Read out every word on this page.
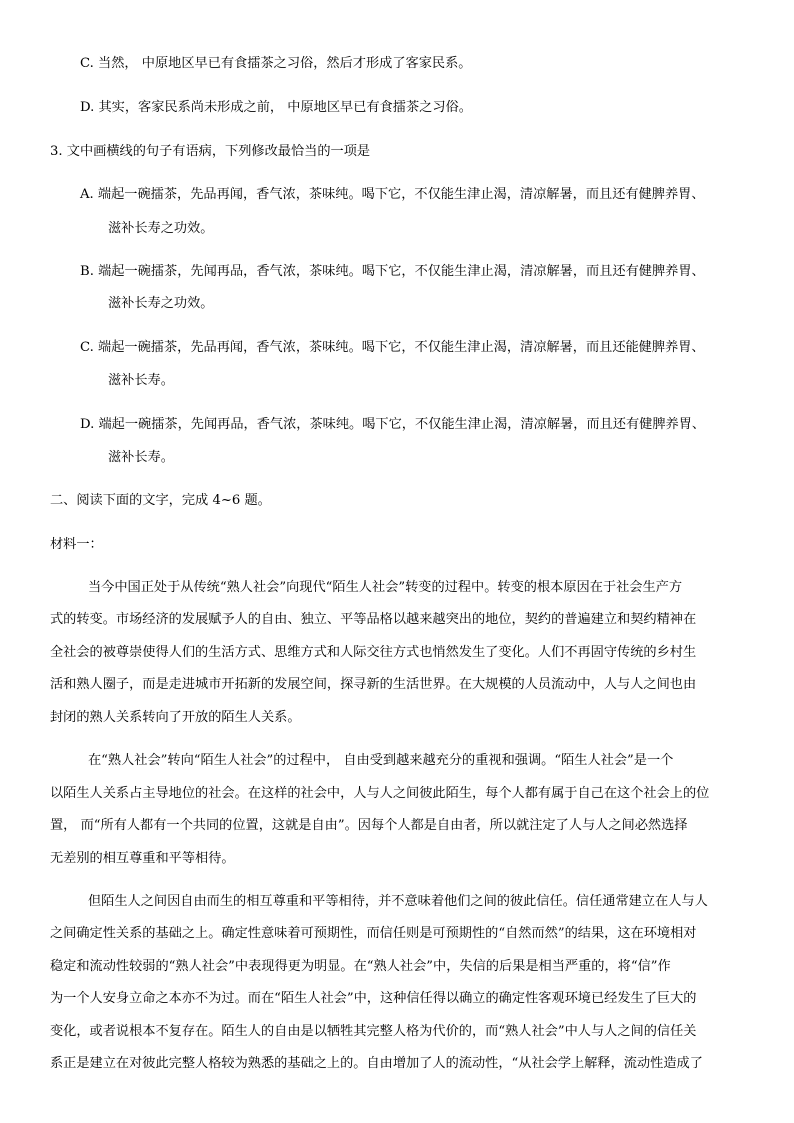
C. 当然， 中原地区早已有食擂茶之习俗，然后才形成了客家民系。
D. 其实，客家民系尚未形成之前， 中原地区早已有食擂茶之习俗。
3. 文中画横线的句子有语病，下列修改最恰当的一项是
A. 端起一碗擂茶，先品再闻，香气浓，茶味纯。喝下它，不仅能生津止渴，清凉解暑，而且还有健脾养胃、
滋补长寿之功效。
B. 端起一碗擂茶，先闻再品，香气浓，茶味纯。喝下它，不仅能生津止渴，清凉解暑，而且还有健脾养胃、
滋补长寿之功效。
C. 端起一碗擂茶，先品再闻，香气浓，茶味纯。喝下它，不仅能生津止渴，清凉解暑，而且还能健脾养胃、
滋补长寿。
D. 端起一碗擂茶，先闻再品，香气浓，茶味纯。喝下它，不仅能生津止渴，清凉解暑，而且还有健脾养胃、
滋补长寿。
二、阅读下面的文字，完成 4~6 题。
材料一：
当今中国正处于从传统“熟人社会”向现代“陌生人社会”转变的过程中。转变的根本原因在于社会生产方
式的转变。市场经济的发展赋予人的自由、独立、平等品格以越来越突出的地位，契约的普遍建立和契约精神在
全社会的被尊崇使得人们的生活方式、思维方式和人际交往方式也悄然发生了变化。人们不再固守传统的乡村生
活和熟人圈子，而是走进城市开拓新的发展空间，探寻新的生活世界。在大规模的人员流动中，人与人之间也由
封闭的熟人关系转向了开放的陌生人关系。
在“熟人社会”转向“陌生人社会”的过程中， 自由受到越来越充分的重视和强调。“陌生人社会”是一个
以陌生人关系占主导地位的社会。在这样的社会中，人与人之间彼此陌生，每个人都有属于自己在这个社会上的位
置， 而“所有人都有一个共同的位置，这就是自由”。因每个人都是自由者，所以就注定了人与人之间必然选择
无差别的相互尊重和平等相待。
但陌生人之间因自由而生的相互尊重和平等相待，并不意味着他们之间的彼此信任。信任通常建立在人与人
之间确定性关系的基础之上。确定性意味着可预期性，而信任则是可预期性的“自然而然”的结果，这在环境相对
稳定和流动性较弱的“熟人社会”中表现得更为明显。在“熟人社会”中，失信的后果是相当严重的，将“信”作
为一个人安身立命之本亦不为过。而在“陌生人社会”中，这种信任得以确立的确定性客观环境已经发生了巨大的
变化，或者说根本不复存在。陌生人的自由是以牺牲其完整人格为代价的，而“熟人社会”中人与人之间的信任关
系正是建立在对彼此完整人格较为熟悉的基础之上的。自由增加了人的流动性，“从社会学上解释，流动性造成了
